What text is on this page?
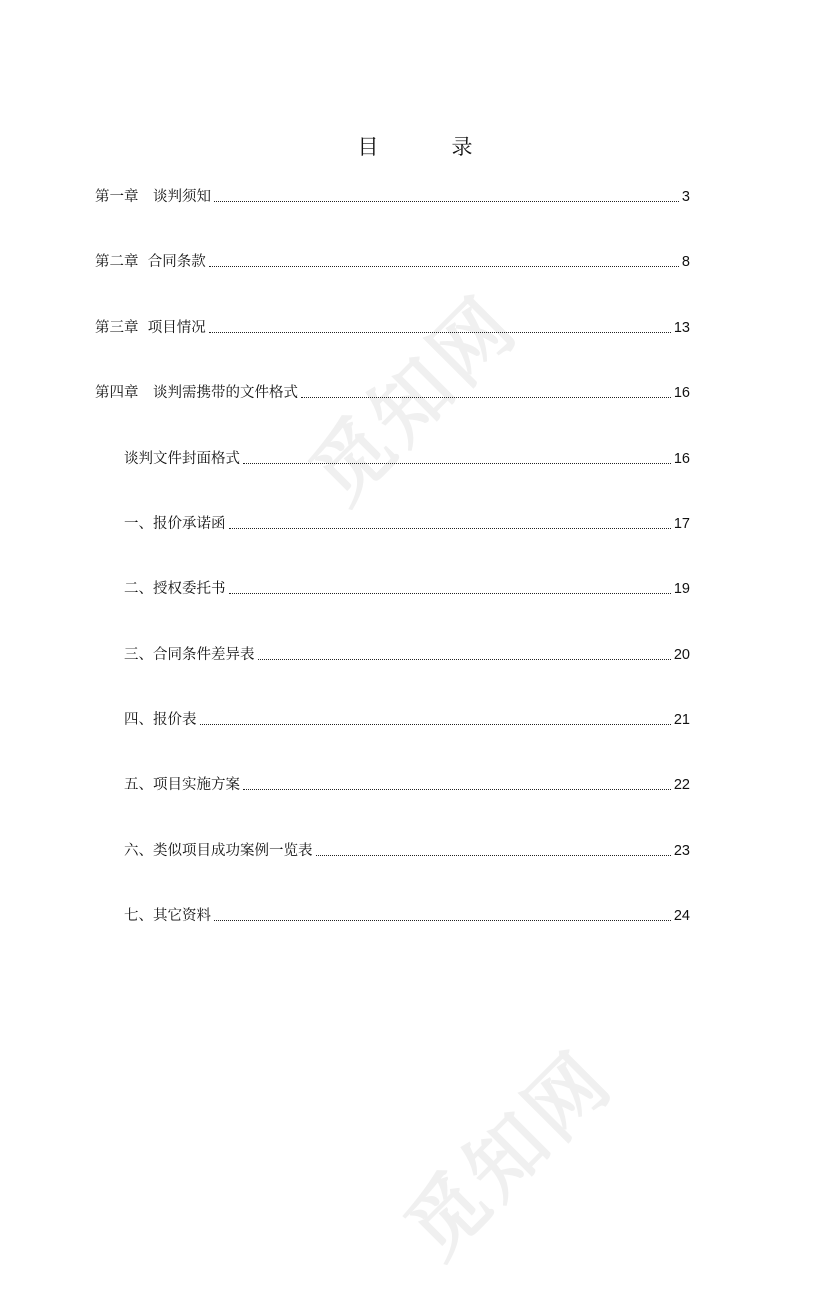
觅知网
觅知网
目　录
第一章　谈判须知	3
第二章  合同条款	8
第三章  项目情况	13
第四章　谈判需携带的文件格式	16
谈判文件封面格式	16
一、报价承诺函	17
二、授权委托书	19
三、合同条件差异表	20
四、报价表	21
五、项目实施方案	22
六、类似项目成功案例一览表	23
七、其它资料	24
